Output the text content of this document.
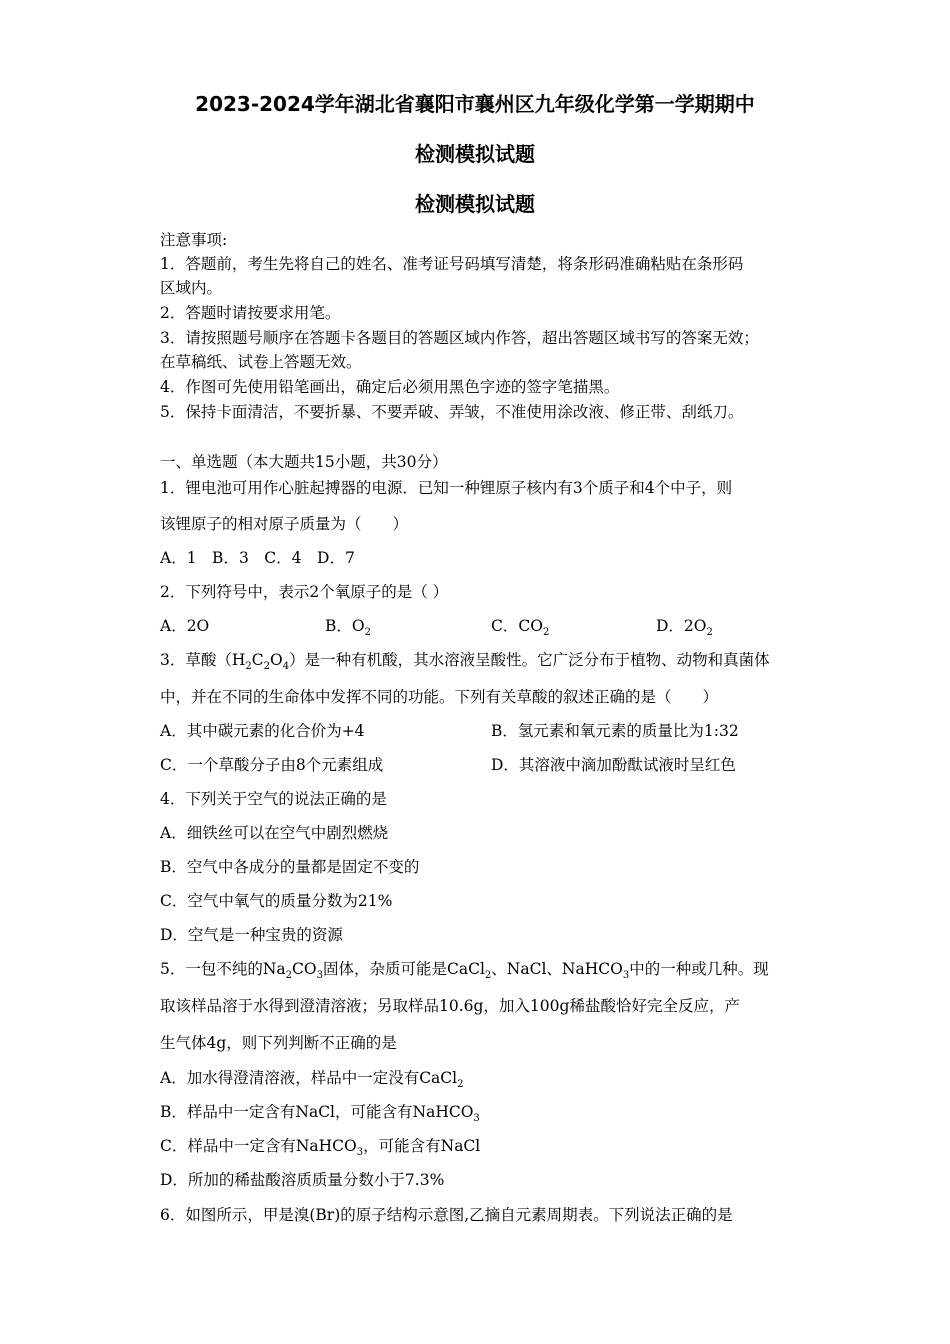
2023-2024学年湖北省襄阳市襄州区九年级化学第一学期期中
检测模拟试题
检测模拟试题
注意事项:
1．答题前，考生先将自己的姓名、准考证号码填写清楚，将条形码准确粘贴在条形码
区域内。
2．答题时请按要求用笔。
3．请按照题号顺序在答题卡各题目的答题区域内作答，超出答题区域书写的答案无效；
在草稿纸、试卷上答题无效。
4．作图可先使用铅笔画出，确定后必须用黑色字迹的签字笔描黑。
5．保持卡面清洁，不要折暴、不要弄破、弄皱，不准使用涂改液、修正带、刮纸刀。
一、单选题（本大题共15小题，共30分）
1．锂电池可用作心脏起搏器的电源．已知一种锂原子核内有3个质子和4个中子，则
该锂原子的相对原子质量为（　　）
A．1　B．3　C．4　D．7
2．下列符号中，表示2个氧原子的是（ ）
A．2O	B．$O_2$	C．$CO_2$	D．$2O_2$
3．草酸$(H_2C_2O_4)$是一种有机酸，其水溶液呈酸性。它广泛分布于植物、动物和真菌体
中，并在不同的生命体中发挥不同的功能。下列有关草酸的叙述正确的是（　　）
A．其中碳元素的化合价为+4	B．氢元素和氧元素的质量比为1:32
C．一个草酸分子由8个元素组成	D．其溶液中滴加酚酞试液时呈红色
4．下列关于空气的说法正确的是
A．细铁丝可以在空气中剧烈燃烧
B．空气中各成分的量都是固定不变的
C．空气中氧气的质量分数为21%
D．空气是一种宝贵的资源
5．一包不纯的$Na_2CO_3$固体，杂质可能是CaCl$_2$、NaCl、NaHCO$_3$中的一种或几种。现
取该样品溶于水得到澄清溶液；另取样品10.6g，加入100g稀盐酸恰好完全反应，产
生气体4g，则下列判断不正确的是
A．加水得澄清溶液，样品中一定没有CaCl$_2$
B．样品中一定含有NaCl，可能含有NaHCO$_3$
C．样品中一定含有NaHCO$_3$，可能含有NaCl
D．所加的稀盐酸溶质质量分数小于7.3%
6．如图所示，甲是溴(Br)的原子结构示意图,乙摘自元素周期表。下列说法正确的是
